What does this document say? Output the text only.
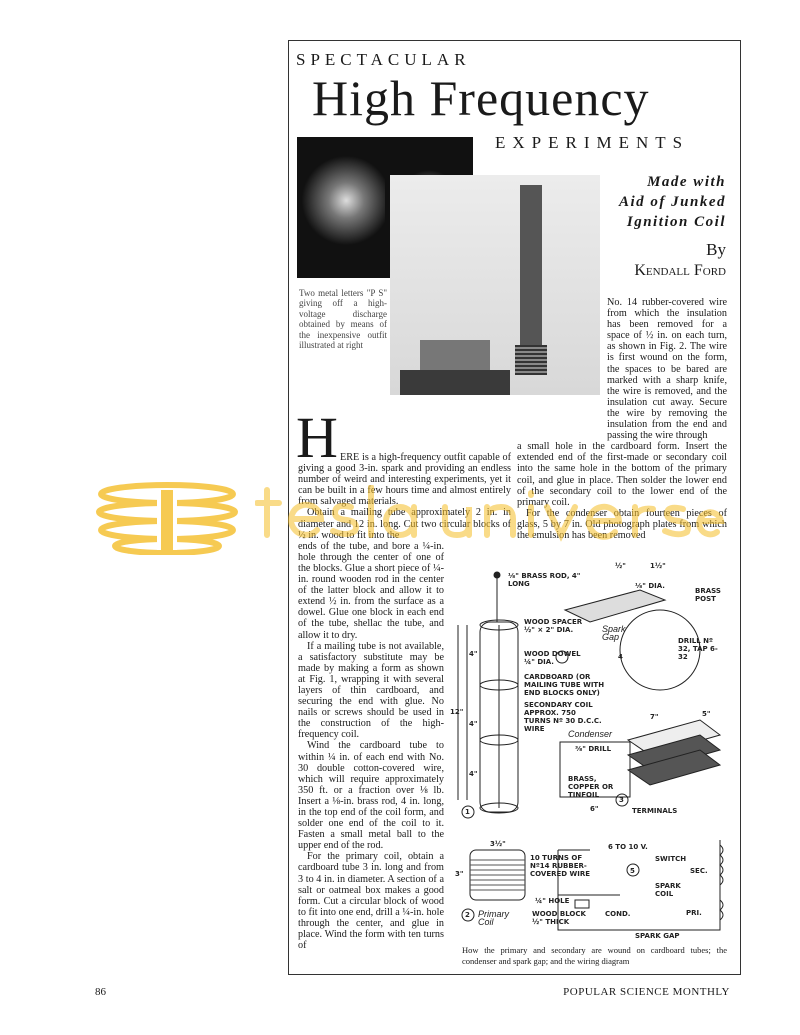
SPECTACULAR
High Frequency
EXPERIMENTS
Made with
Aid of Junked
Ignition Coil
By
Kendall Ford
Two metal letters "P S" giving off a high-voltage discharge obtained by means of the inexpensive outfit illustrated at right
No. 14 rubber-covered wire from which the insulation has been removed for a space of ½ in. on each turn, as shown in Fig. 2. The wire is first wound on the form, the spaces to be bared are marked with a sharp knife, the wire is removed, and the insulation cut away. Secure the wire by removing the insulation from the end and passing the wire through
a small hole in the cardboard form. Insert the extended end of the first-made or secondary coil into the same hole in the bottom of the primary coil, and glue in place. Then solder the lower end of the secondary coil to the lower end of the primary coil.
For the condenser obtain fourteen pieces of glass, 5 by 7 in. Old photograph plates from which the emulsion has been removed
H ERE is a high-frequency outfit capable of giving a good 3-in. spark and providing an endless number of weird and interesting experiments, yet it can be built in a few hours time and almost entirely from salvaged materials.
Obtain a mailing tube approximately 2 in. in diameter and 12 in. long. Cut two circular blocks of ½ in. wood to fit into the
ends of the tube, and bore a ¼-in. hole through the center of one of the blocks. Glue a short piece of ¼-in. round wooden rod in the center of the latter block and allow it to extend ½ in. from the surface as a dowel. Glue one block in each end of the tube, shellac the tube, and allow it to dry.
If a mailing tube is not available, a satisfactory substitute may be made by making a form as shown at Fig. 1, wrapping it with several layers of thin cardboard, and securing the end with glue. No nails or screws should be used in the construction of the high-frequency coil.
Wind the cardboard tube to within ¼ in. of each end with No. 30 double cotton-covered wire, which will require approximately 350 ft. or a fraction over ⅛ lb. Insert a ⅛-in. brass rod, 4 in. long, in the top end of the coil form, and solder one end of the coil to it. Fasten a small metal ball to the upper end of the rod.
For the primary coil, obtain a cardboard tube 3 in. long and from 3 to 4 in. in diameter. A section of a salt or oatmeal box makes a good form. Cut a circular block of wood to fit into one end, drill a ¼-in. hole through the center, and glue in place. Wind the form with ten turns of
⅛" BRASS ROD, 4" LONG
WOOD SPACER ½" × 2" DIA.
WOOD DOWEL ¼" DIA.
CARDBOARD (OR MAILING TUBE WITH END BLOCKS ONLY)
SECONDARY COIL APPROX. 750 TURNS Nº 30 D.C.C. WIRE
12"
4"
4"
4"
1
3½"
3"
10 TURNS OF Nº14 RUBBER-COVERED WIRE
¼" HOLE
WOOD BLOCK ½" THICK
2 Primary Coil
Spark Gap
4
⅛" DIA.
½"	1½"
BRASS POST
DRILL Nº 32, TAP 6-32
Condenser
⅜" DRILL
BRASS, COPPER OR TINFOIL
6"
7"	5"
3
TERMINALS
6 TO 10 V.
SWITCH
5	SEC.
SPARK COIL
COND.	PRI.
SPARK GAP
How the primary and secondary are wound on cardboard tubes; the condenser and spark gap; and the wiring diagram
86	POPULAR SCIENCE MONTHLY
